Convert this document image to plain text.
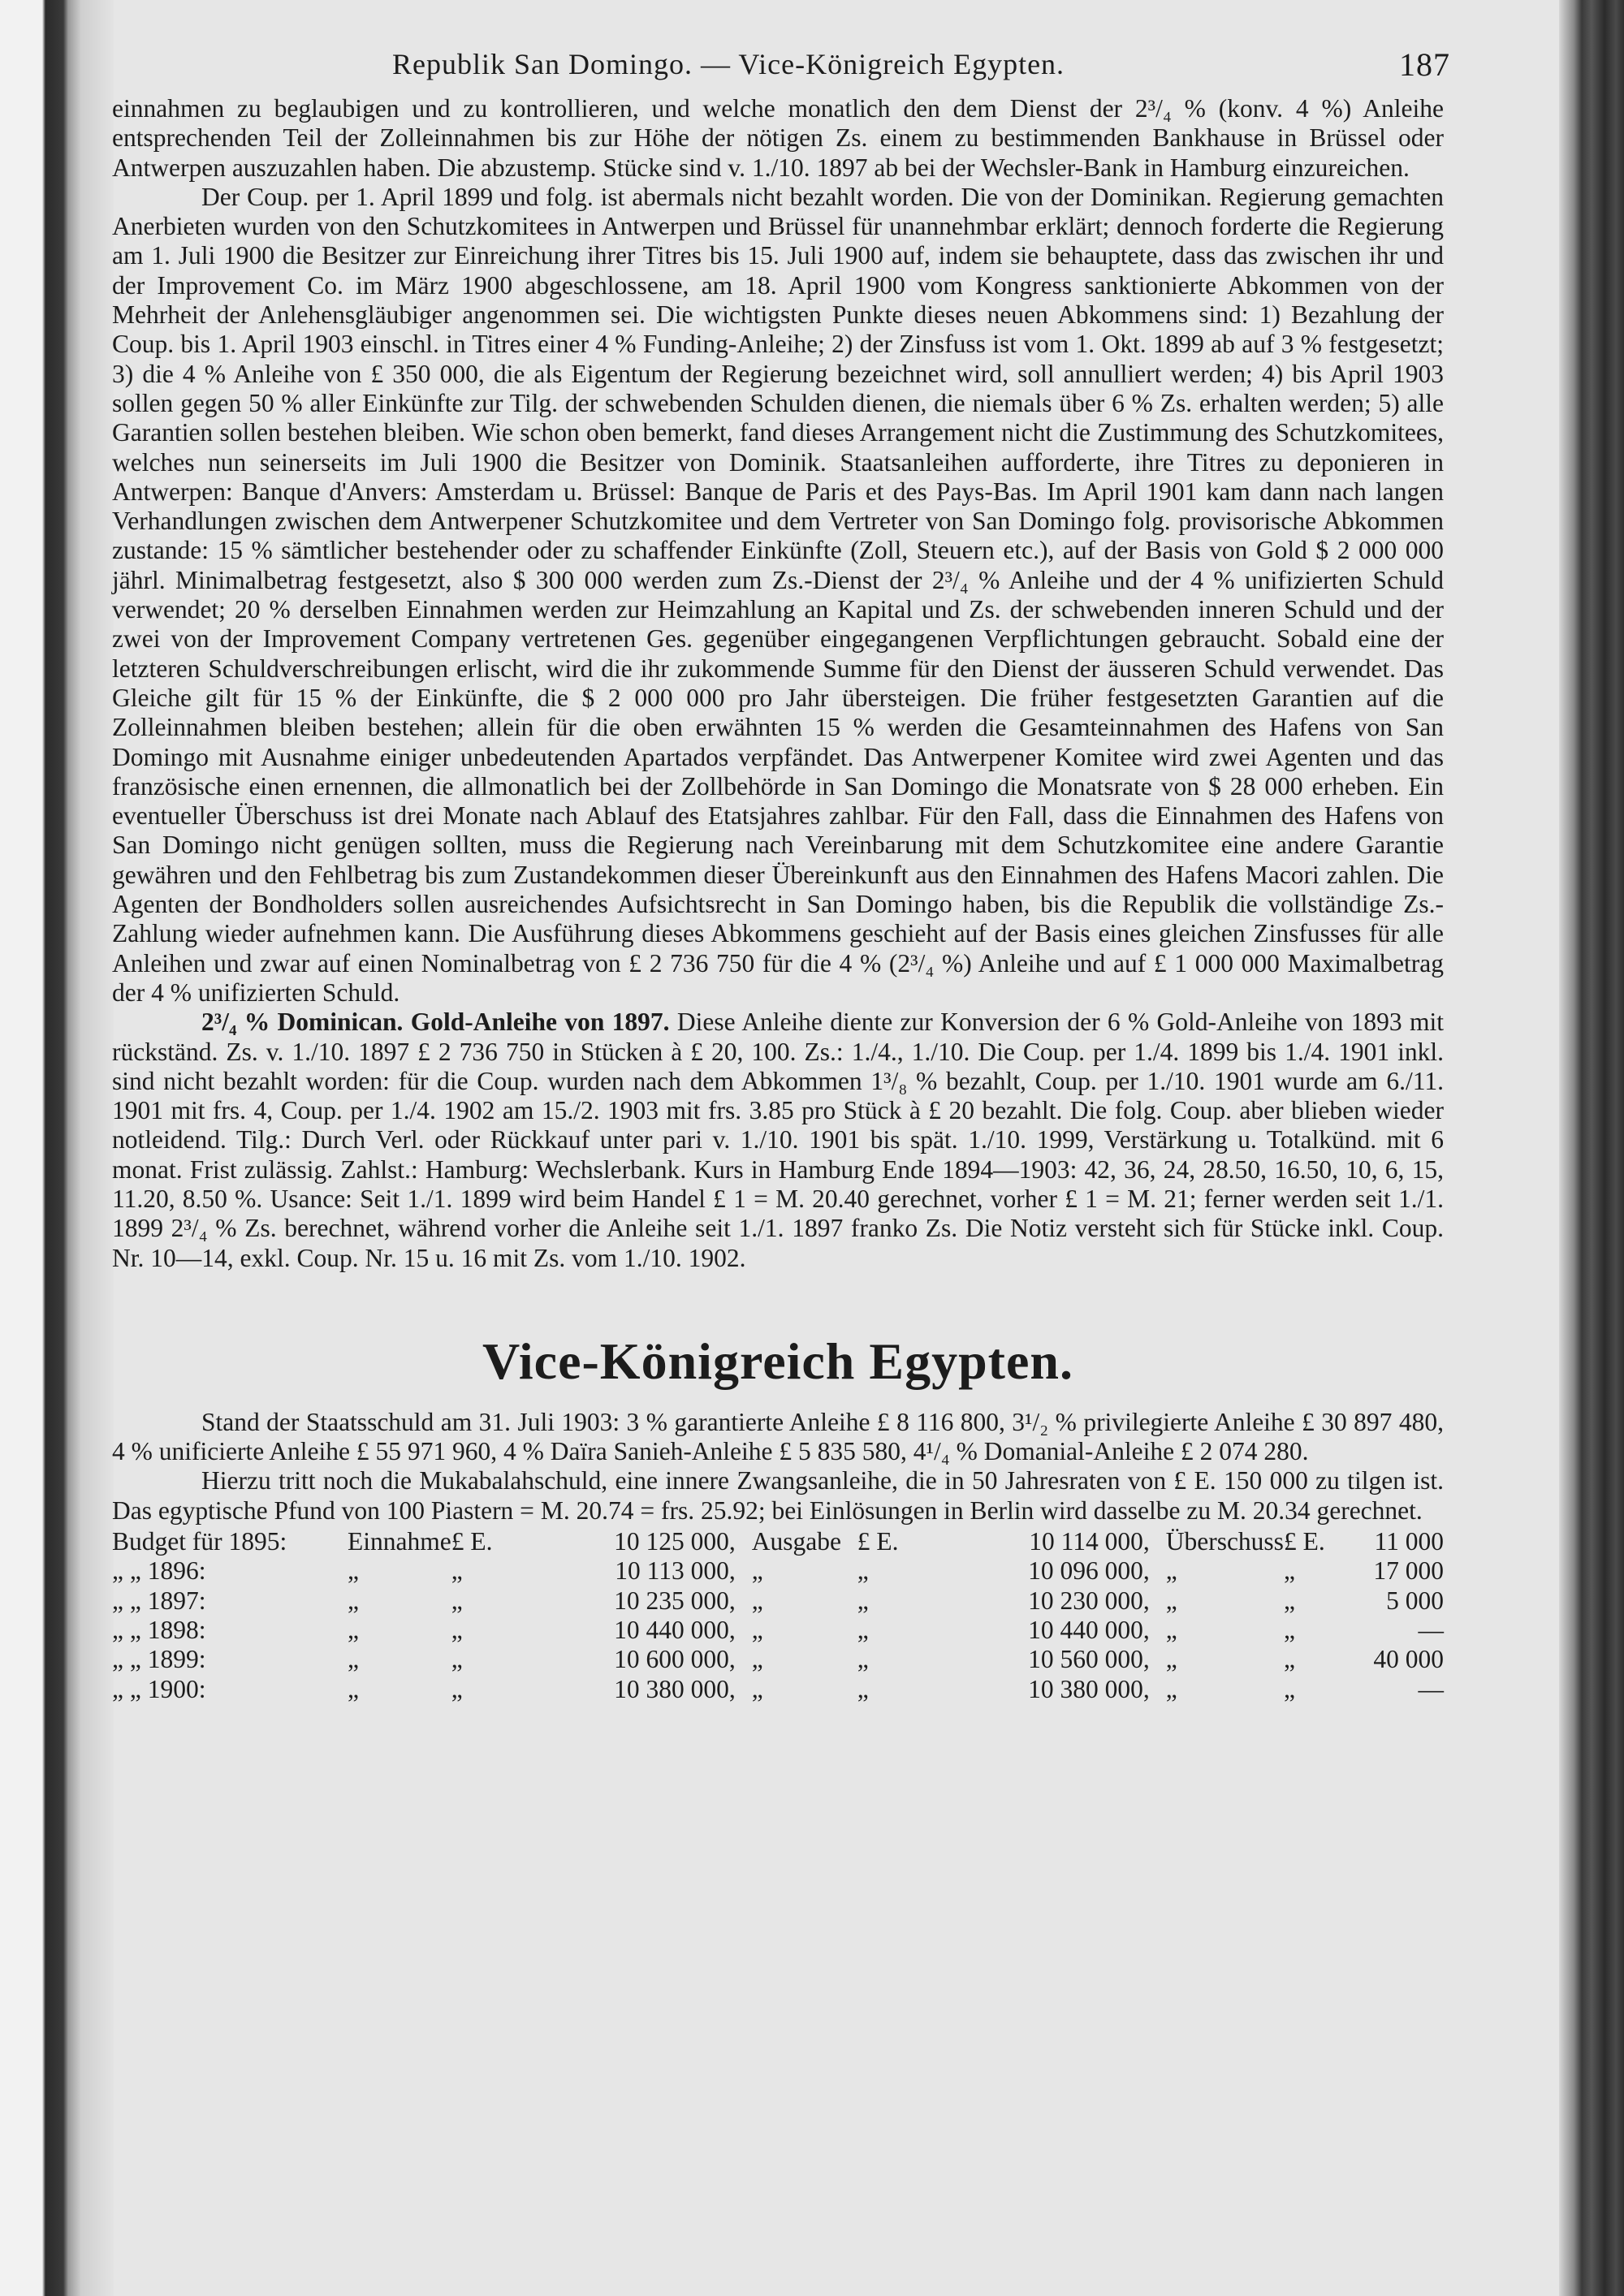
Republik San Domingo. — Vice-Königreich Egypten.	187

einnahmen zu beglaubigen und zu kontrollieren, und welche monatlich den dem Dienst der 2³/₄ % (konv. 4 %) Anleihe entsprechenden Teil der Zolleinnahmen bis zur Höhe der nötigen Zs. einem zu bestimmenden Bankhause in Brüssel oder Antwerpen auszuzahlen haben. Die abzustemp. Stücke sind v. 1./10. 1897 ab bei der Wechsler-Bank in Hamburg einzureichen.

Der Coup. per 1. April 1899 und folg. ist abermals nicht bezahlt worden. Die von der Dominikan. Regierung gemachten Anerbieten wurden von den Schutzkomitees in Antwerpen und Brüssel für unannehmbar erklärt; dennoch forderte die Regierung am 1. Juli 1900 die Besitzer zur Einreichung ihrer Titres bis 15. Juli 1900 auf, indem sie behauptete, dass das zwischen ihr und der Improvement Co. im März 1900 abgeschlossene, am 18. April 1900 vom Kongress sanktionierte Abkommen von der Mehrheit der Anlehensgläubiger angenommen sei. Die wichtigsten Punkte dieses neuen Abkommens sind: 1) Bezahlung der Coup. bis 1. April 1903 einschl. in Titres einer 4 % Funding-Anleihe; 2) der Zinsfuss ist vom 1. Okt. 1899 ab auf 3 % festgesetzt; 3) die 4 % Anleihe von £ 350 000, die als Eigentum der Regierung bezeichnet wird, soll annulliert werden; 4) bis April 1903 sollen gegen 50 % aller Einkünfte zur Tilg. der schwebenden Schulden dienen, die niemals über 6 % Zs. erhalten werden; 5) alle Garantien sollen bestehen bleiben. Wie schon oben bemerkt, fand dieses Arrangement nicht die Zustimmung des Schutzkomitees, welches nun seinerseits im Juli 1900 die Besitzer von Dominik. Staatsanleihen aufforderte, ihre Titres zu deponieren in Antwerpen: Banque d'Anvers: Amsterdam u. Brüssel: Banque de Paris et des Pays-Bas. Im April 1901 kam dann nach langen Verhandlungen zwischen dem Antwerpener Schutzkomitee und dem Vertreter von San Domingo folg. provisorische Abkommen zustande: 15 % sämtlicher bestehender oder zu schaffender Einkünfte (Zoll, Steuern etc.), auf der Basis von Gold $ 2 000 000 jährl. Minimalbetrag festgesetzt, also $ 300 000 werden zum Zs.-Dienst der 2³/₄ % Anleihe und der 4 % unifizierten Schuld verwendet; 20 % derselben Einnahmen werden zur Heimzahlung an Kapital und Zs. der schwebenden inneren Schuld und der zwei von der Improvement Company vertretenen Ges. gegenüber eingegangenen Verpflichtungen gebraucht. Sobald eine der letzteren Schuldverschreibungen erlischt, wird die ihr zukommende Summe für den Dienst der äusseren Schuld verwendet. Das Gleiche gilt für 15 % der Einkünfte, die $ 2 000 000 pro Jahr übersteigen. Die früher festgesetzten Garantien auf die Zolleinnahmen bleiben bestehen; allein für die oben erwähnten 15 % werden die Gesamteinnahmen des Hafens von San Domingo mit Ausnahme einiger unbedeutenden Apartados verpfändet. Das Antwerpener Komitee wird zwei Agenten und das französische einen ernennen, die allmonatlich bei der Zollbehörde in San Domingo die Monatsrate von $ 28 000 erheben. Ein eventueller Überschuss ist drei Monate nach Ablauf des Etatsjahres zahlbar. Für den Fall, dass die Einnahmen des Hafens von San Domingo nicht genügen sollten, muss die Regierung nach Vereinbarung mit dem Schutzkomitee eine andere Garantie gewähren und den Fehlbetrag bis zum Zustandekommen dieser Übereinkunft aus den Einnahmen des Hafens Macori zahlen. Die Agenten der Bondholders sollen ausreichendes Aufsichtsrecht in San Domingo haben, bis die Republik die vollständige Zs.-Zahlung wieder aufnehmen kann. Die Ausführung dieses Abkommens geschieht auf der Basis eines gleichen Zinsfusses für alle Anleihen und zwar auf einen Nominalbetrag von £ 2 736 750 für die 4 % (2³/₄ %) Anleihe und auf £ 1 000 000 Maximalbetrag der 4 % unifizierten Schuld.

2³/₄ % Dominican. Gold-Anleihe von 1897. Diese Anleihe diente zur Konversion der 6 % Gold-Anleihe von 1893 mit rückständ. Zs. v. 1./10. 1897 £ 2 736 750 in Stücken à £ 20, 100. Zs.: 1./4., 1./10. Die Coup. per 1./4. 1899 bis 1./4. 1901 inkl. sind nicht bezahlt worden: für die Coup. wurden nach dem Abkommen 1³/₈ % bezahlt, Coup. per 1./10. 1901 wurde am 6./11. 1901 mit frs. 4, Coup. per 1./4. 1902 am 15./2. 1903 mit frs. 3.85 pro Stück à £ 20 bezahlt. Die folg. Coup. aber blieben wieder notleidend. Tilg.: Durch Verl. oder Rückkauf unter pari v. 1./10. 1901 bis spät. 1./10. 1999, Verstärkung u. Totalkünd. mit 6 monat. Frist zulässig. Zahlst.: Hamburg: Wechslerbank. Kurs in Hamburg Ende 1894—1903: 42, 36, 24, 28.50, 16.50, 10, 6, 15, 11.20, 8.50 %. Usance: Seit 1./1. 1899 wird beim Handel £ 1 = M. 20.40 gerechnet, vorher £ 1 = M. 21; ferner werden seit 1./1. 1899 2³/₄ % Zs. berechnet, während vorher die Anleihe seit 1./1. 1897 franko Zs. Die Notiz versteht sich für Stücke inkl. Coup. Nr. 10—14, exkl. Coup. Nr. 15 u. 16 mit Zs. vom 1./10. 1902.

Vice-Königreich Egypten.

Stand der Staatsschuld am 31. Juli 1903: 3 % garantierte Anleihe £ 8 116 800, 3¹/₂ % privilegierte Anleihe £ 30 897 480, 4 % unificierte Anleihe £ 55 971 960, 4 % Daïra Sanieh-Anleihe £ 5 835 580, 4¹/₄ % Domanial-Anleihe £ 2 074 280.

Hierzu tritt noch die Mukabalahschuld, eine innere Zwangsanleihe, die in 50 Jahresraten von £ E. 150 000 zu tilgen ist. Das egyptische Pfund von 100 Piastern = M. 20.74 = frs. 25.92; bei Einlösungen in Berlin wird dasselbe zu M. 20.34 gerechnet.

Budget für 1895:	Einnahme	£ E.	10 125 000,	Ausgabe	£ E.	10 114 000,	Überschuss	£ E.	11 000
„ „ 1896:	„	„	10 113 000,	„	„	10 096 000,	„	„	17 000
„ „ 1897:	„	„	10 235 000,	„	„	10 230 000,	„	„	5 000
„ „ 1898:	„	„	10 440 000,	„	„	10 440 000,	„	„	—
„ „ 1899:	„	„	10 600 000,	„	„	10 560 000,	„	„	40 000
„ „ 1900:	„	„	10 380 000,	„	„	10 380 000,	„	„	—
